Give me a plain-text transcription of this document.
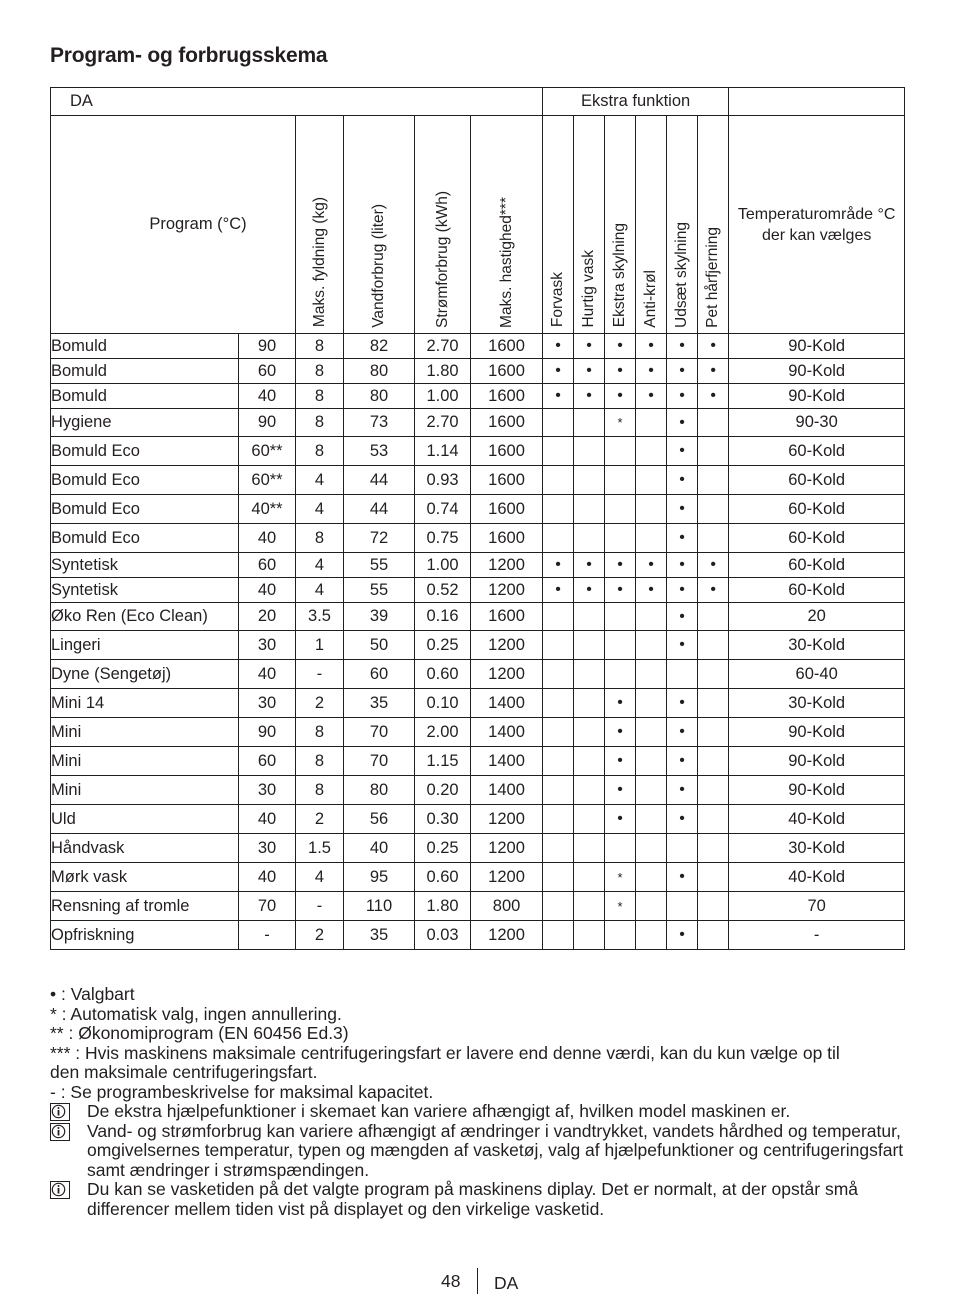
Program- og forbrugsskema
DA						Ekstra funktion						
Program (°C)		Maks. fyldning (kg)	Vandforbrug (liter)	Strømforbrug (kWh)	Maks. hastighed***	Forvask	Hurtig vask	Ekstra skylning	Anti-krøl	Udsæt skylning	Pet hårfjerning	Temperaturområde °C der kan vælges
Bomuld	90	8	82	2.70	1600	•	•	•	•	•	•	90-Kold
Bomuld	60	8	80	1.80	1600	•	•	•	•	•	•	90-Kold
Bomuld	40	8	80	1.00	1600	•	•	•	•	•	•	90-Kold
Hygiene	90	8	73	2.70	1600			*		•		90-30
Bomuld Eco	60**	8	53	1.14	1600					•		60-Kold
Bomuld Eco	60**	4	44	0.93	1600					•		60-Kold
Bomuld Eco	40**	4	44	0.74	1600					•		60-Kold
Bomuld Eco	40	8	72	0.75	1600					•		60-Kold
Syntetisk	60	4	55	1.00	1200	•	•	•	•	•	•	60-Kold
Syntetisk	40	4	55	0.52	1200	•	•	•	•	•	•	60-Kold
Øko Ren (Eco Clean)	20	3.5	39	0.16	1600					•		20
Lingeri	30	1	50	0.25	1200					•		30-Kold
Dyne (Sengetøj)	40	-	60	0.60	1200							60-40
Mini 14	30	2	35	0.10	1400			•		•		30-Kold
Mini	90	8	70	2.00	1400			•		•		90-Kold
Mini	60	8	70	1.15	1400			•		•		90-Kold
Mini	30	8	80	0.20	1400			•		•		90-Kold
Uld	40	2	56	0.30	1200			•		•		40-Kold
Håndvask	30	1.5	40	0.25	1200							30-Kold
Mørk vask	40	4	95	0.60	1200			*		•		40-Kold
Rensning af tromle	70	-	110	1.80	800			*				70
Opfriskning	-	2	35	0.03	1200					•		-

• : Valgbart

* : Automatisk valg, ingen annullering.

** : Økonomiprogram (EN 60456 Ed.3)

*** : Hvis maskinens maksimale centrifugeringsfart er lavere end denne værdi, kan du kun vælge op til

den maksimale centrifugeringsfart.

- : Se programbeskrivelse for maksimal kapacitet.

De ekstra hjælpefunktioner i skemaet kan variere afhængigt af, hvilken model maskinen er.
Vand- og strømforbrug kan variere afhængigt af ændringer i vandtrykket, vandets hårdhed og temperatur, omgivelsernes temperatur, typen og mængden af vasketøj, valg af hjælpefunktioner og centrifugeringsfart samt ændringer i strømspændingen.
Du kan se vasketiden på det valgte program på maskinens diplay. Det er normalt, at der opstår små differencer mellem tiden vist på displayet og den virkelige vasketid.
48 DA
